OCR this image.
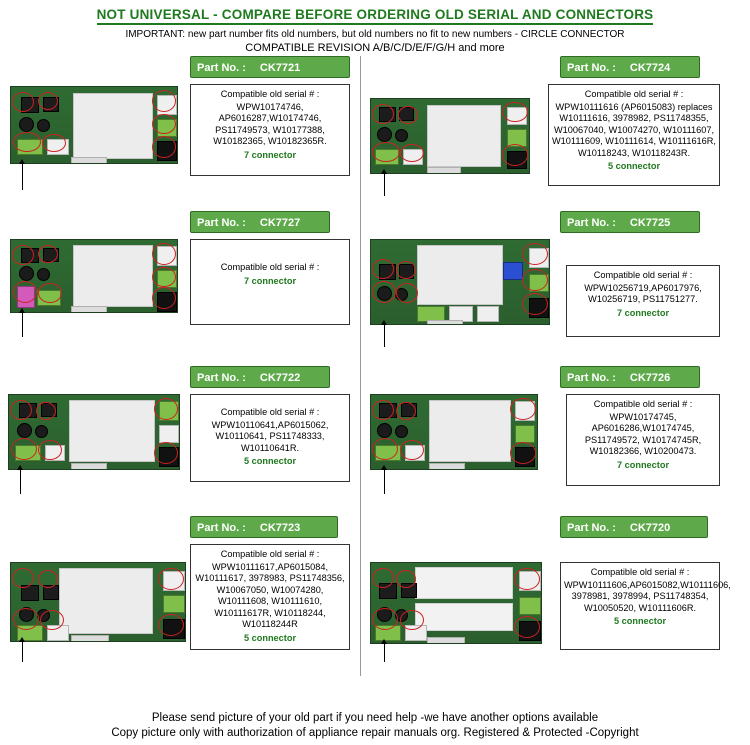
NOT UNIVERSAL - COMPARE BEFORE ORDERING OLD SERIAL AND CONNECTORS
IMPORTANT: new part number fits old numbers, but old numbers no fit to new numbers - CIRCLE CONNECTOR
COMPATIBLE REVISION A/B/C/D/E/F/G/H and more
Part No. : CK7721
Compatible old serial # :
WPW10174746, AP6016287,W10174746, PS11749573, W10177388, W10182365, W10182365R.
7 connector
Part No. : CK7724
Compatible old serial # :
WPW10111616 (AP6015083) replaces W10111616, 3978982, PS11748355, W10067040, W10074270, W10111607, W10111609, W10111614, W10111616R, W10118243, W10118243R.
5 connector
Part No. : CK7727
Compatible old serial # :
7 connector
Part No. : CK7725
Compatible old serial # :
WPW10256719,AP6017976, W10256719, PS11751277.
7 connector
Part No. : CK7722
Compatible old serial # :
WPW10110641,AP6015062, W10110641, PS11748333, W10110641R.
5 connector
Part No. : CK7726
Compatible old serial # :
WPW10174745, AP6016286,W10174745, PS11749572, W10174745R, W10182366, W10200473.
7 connector
Part No. : CK7723
Compatible old serial # :
WPW10111617,AP6015084, W10111617, 3978983, PS11748356, W10067050, W10074280, W10111608, W10111610, W10111617R, W10118244, W10118244R
5 connector
Part No. : CK7720
Compatible old serial # :
WPW10111606,AP6015082,W10111606, 3978981, 3978994, PS11748354, W10050520, W10111606R.
5 connector
Please send picture of your old part if you need help -we have another options available
Copy picture only with authorization of appliance repair manuals org. Registered & Protected -Copyright
